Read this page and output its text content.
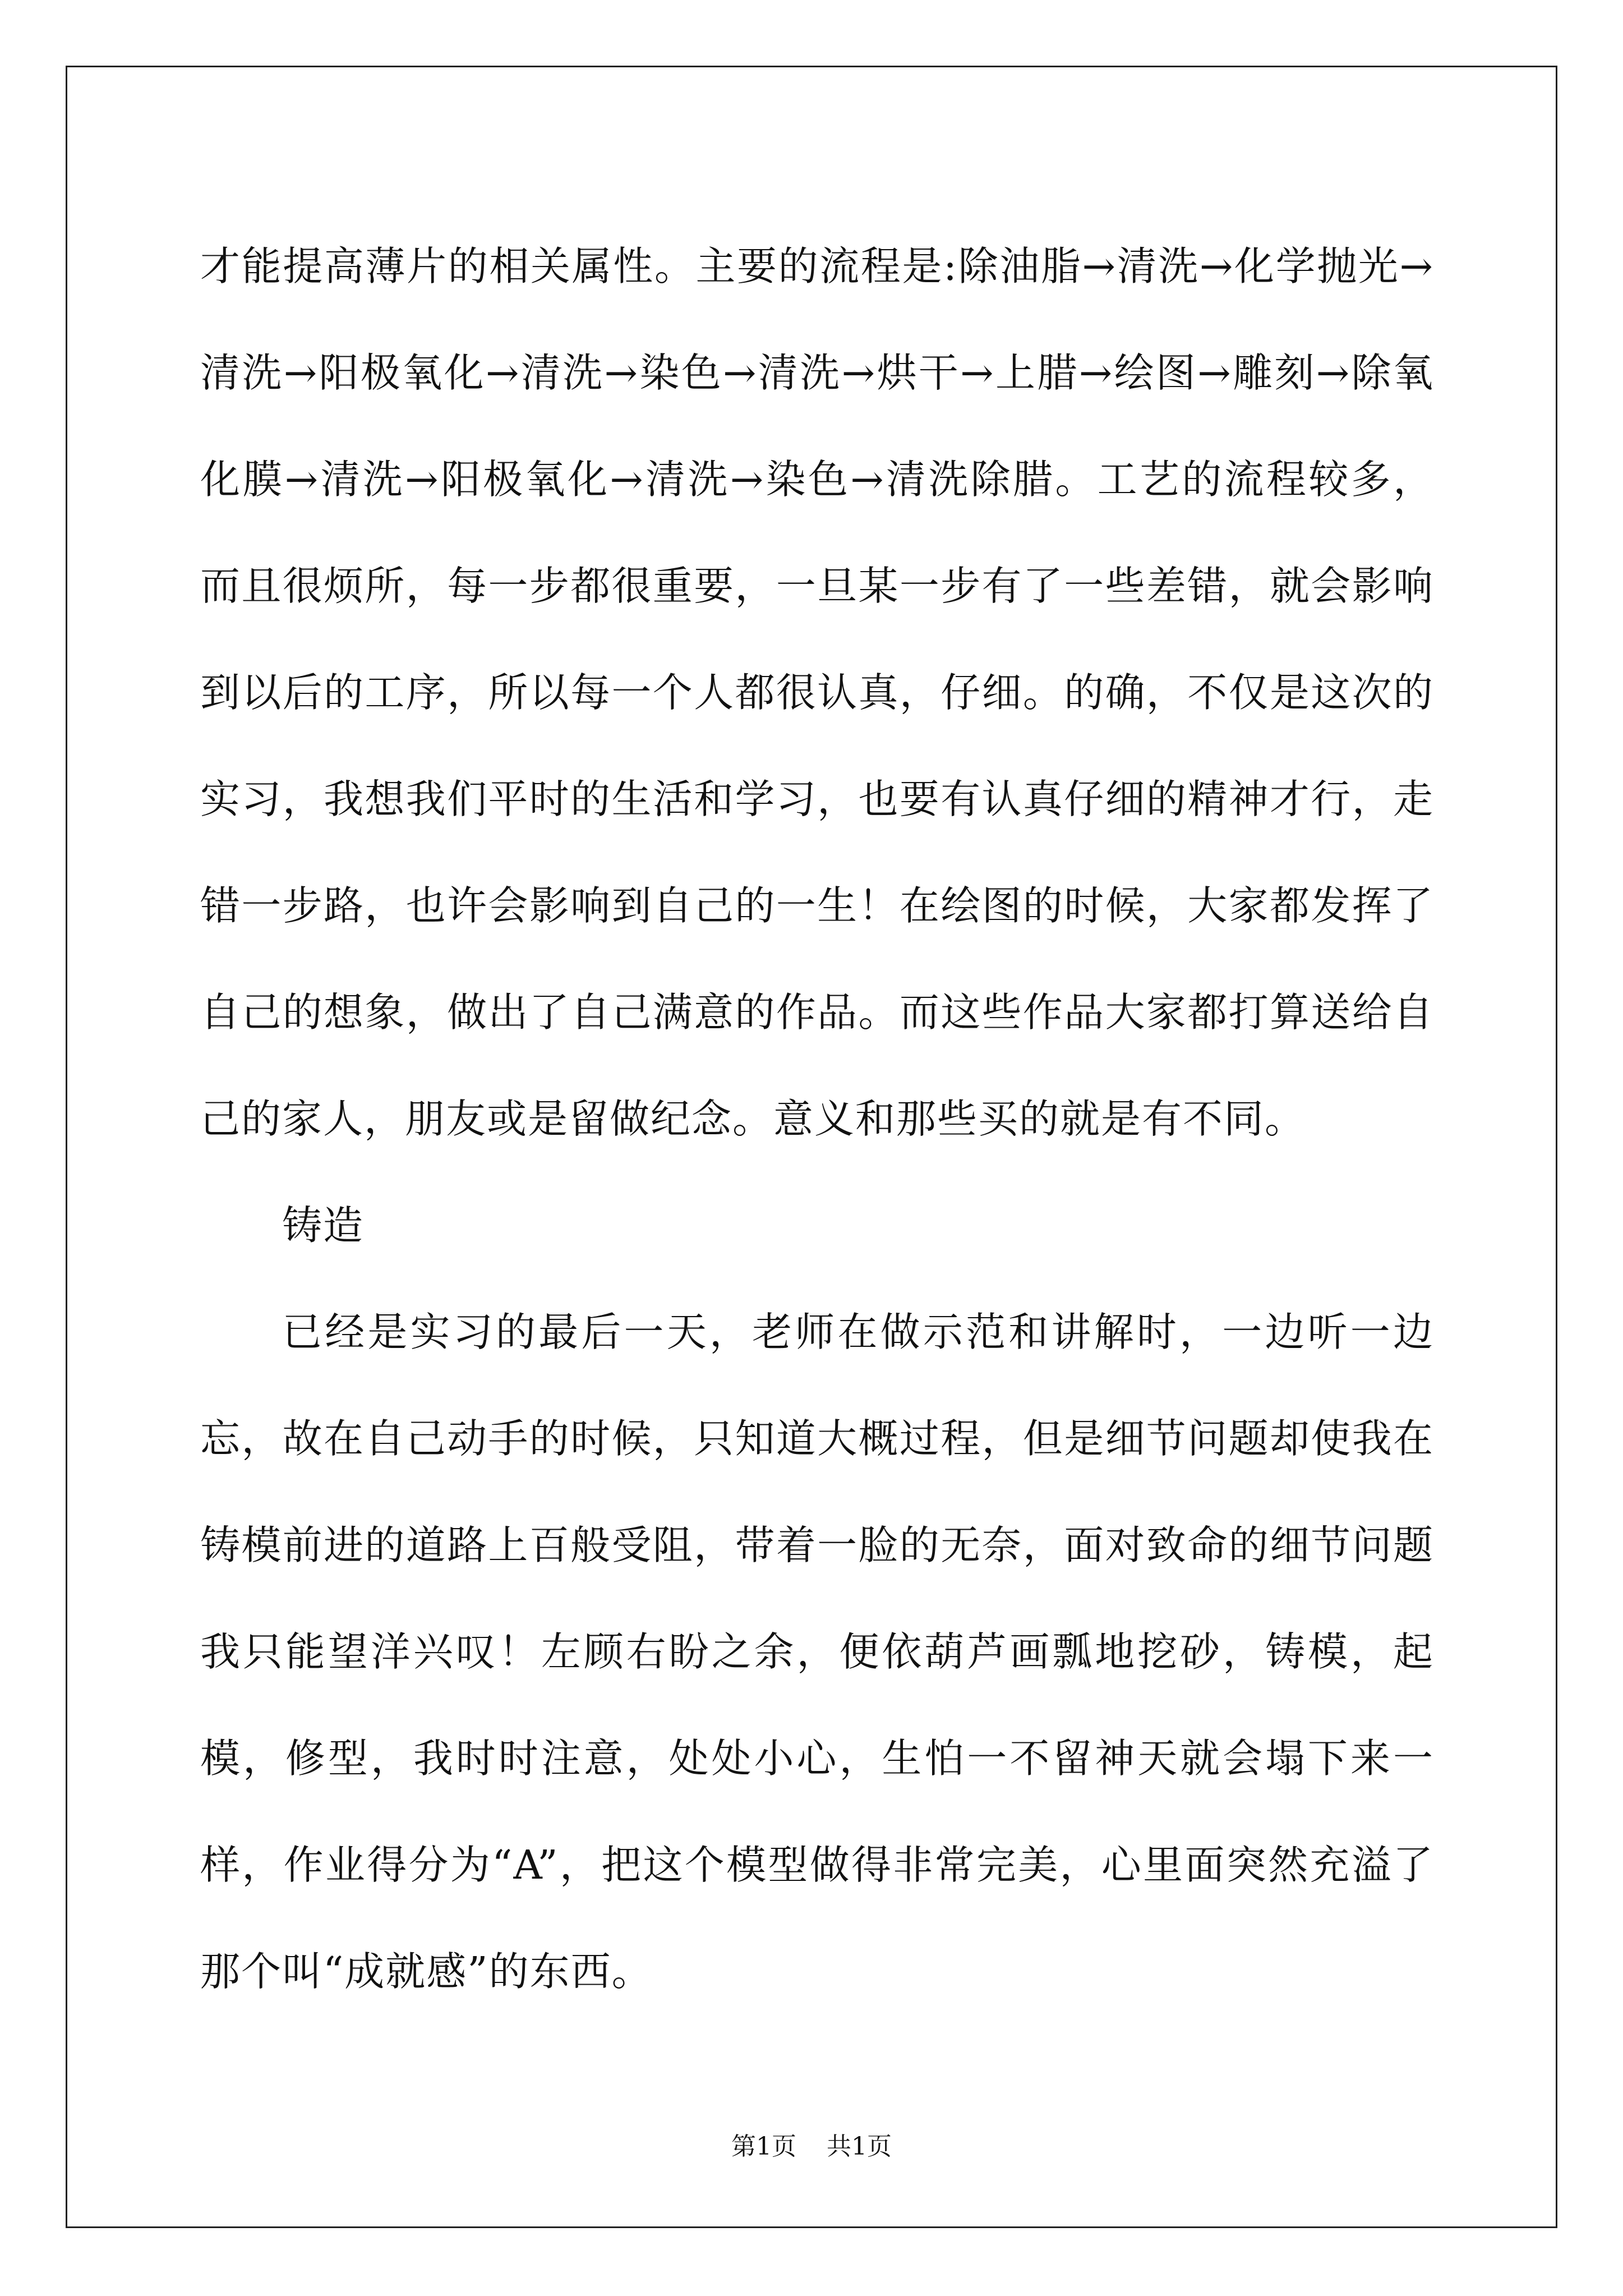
才能提高薄片的相关属性。主要的流程是:除油脂→清洗→化学抛光→清洗→阳极氧化→清洗→染色→清洗→烘干→上腊→绘图→雕刻→除氧化膜→清洗→阳极氧化→清洗→染色→清洗除腊。工艺的流程较多，而且很烦所，每一步都很重要，一旦某一步有了一些差错，就会影响到以后的工序，所以每一个人都很认真，仔细。的确，不仅是这次的实习，我想我们平时的生活和学习，也要有认真仔细的精神才行，走错一步路，也许会影响到自己的一生！在绘图的时候，大家都发挥了自己的想象，做出了自己满意的作品。而这些作品大家都打算送给自己的家人，朋友或是留做纪念。意义和那些买的就是有不同。

铸造

已经是实习的最后一天，老师在做示范和讲解时，一边听一边忘，故在自己动手的时候，只知道大概过程，但是细节问题却使我在铸模前进的道路上百般受阻，带着一脸的无奈，面对致命的细节问题我只能望洋兴叹！左顾右盼之余，便依葫芦画瓢地挖砂，铸模，起模，修型，我时时注意，处处小心，生怕一不留神天就会塌下来一样，作业得分为“A”，把这个模型做得非常完美，心里面突然充溢了那个叫“成就感”的东西。

第1页 共1页
